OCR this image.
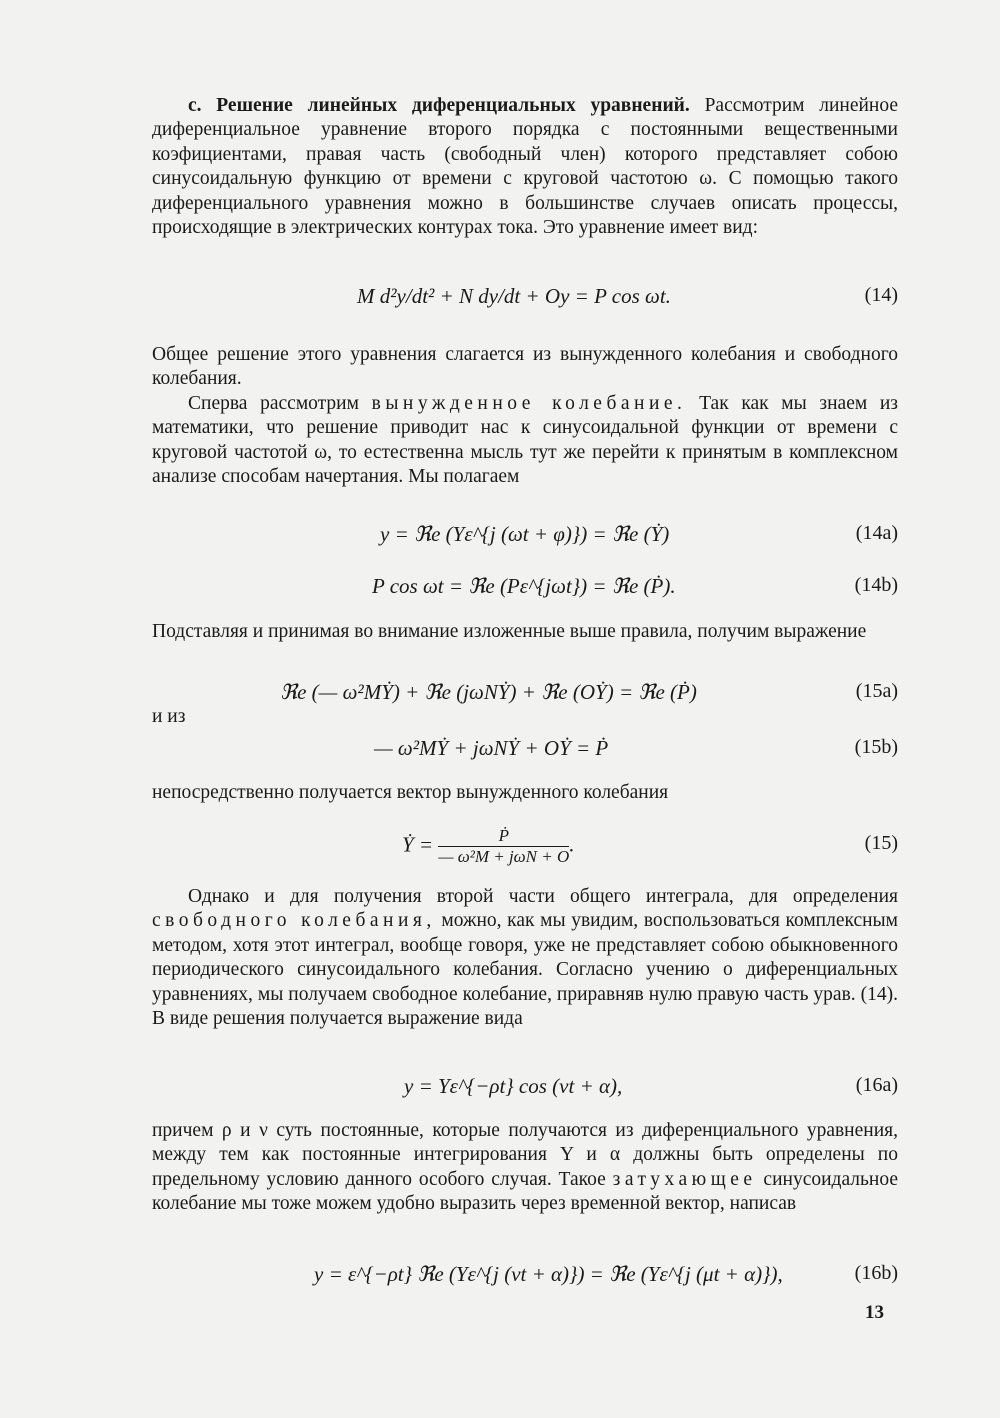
c. Решение линейных диференциальных уравнений. Рассмотрим линейное диференциальное уравнение второго порядка с постоянными вещественными коэфициентами, правая часть (свободный член) которого представляет собою синусоидальную функцию от времени с круговой частотою ω. С помощью такого диференциального уравнения можно в большинстве случаев описать процессы, происходящие в электрических контурах тока. Это уравнение имеет вид:

M d²y/dt² + N dy/dt + Oy = P cos ωt.	(14)

Общее решение этого уравнения слагается из вынужденного колебания и свободного колебания.

Сперва рассмотрим вынужденное колебание. Так как мы знаем из математики, что решение приводит нас к синусоидальной функции от времени с круговой частотой ω, то естественна мысль тут же перейти к принятым в комплексном анализе способам начертания. Мы полагаем

y = ℜe (Yε^{j (ωt + φ)}) = ℜe (Ẏ)	(14a)
P cos ωt = ℜe (Pε^{jωt}) = ℜe (Ṗ).	(14b)

Подставляя и принимая во внимание изложенные выше правила, получим выражение

ℜe (— ω²MẎ) + ℜe (jωNẎ) + ℜe (OẎ) = ℜe (Ṗ)	(15a)

и из

— ω²MẎ + jωNẎ + OẎ = Ṗ	(15b)

непосредственно получается вектор вынужденного колебания

Ẏ = $\frac{\text{Ṗ}}{\text{— ω²M + jωN + O}}$ .	(15)

Однако и для получения второй части общего интеграла, для определения свободного колебания, можно, как мы увидим, воспользоваться комплексным методом, хотя этот интеграл, вообще говоря, уже не представляет собою обыкновенного периодического синусоидального колебания. Согласно учению о диференциальных уравнениях, мы получаем свободное колебание, приравняв нулю правую часть урав. (14). В виде решения получается выражение вида

y = Yε^{−ρt} cos (νt + α),	(16a)

причем ρ и ν суть постоянные, которые получаются из диференциального уравнения, между тем как постоянные интегрирования Y и α должны быть определены по предельному условию данного особого случая. Такое затухающее синусоидальное колебание мы тоже можем удобно выразить через временной вектор, написав

y = ε^{−ρt} ℜe (Yε^{j (νt + α)}) = ℜe (Yε^{j (μt + α)}),	(16b)
13
